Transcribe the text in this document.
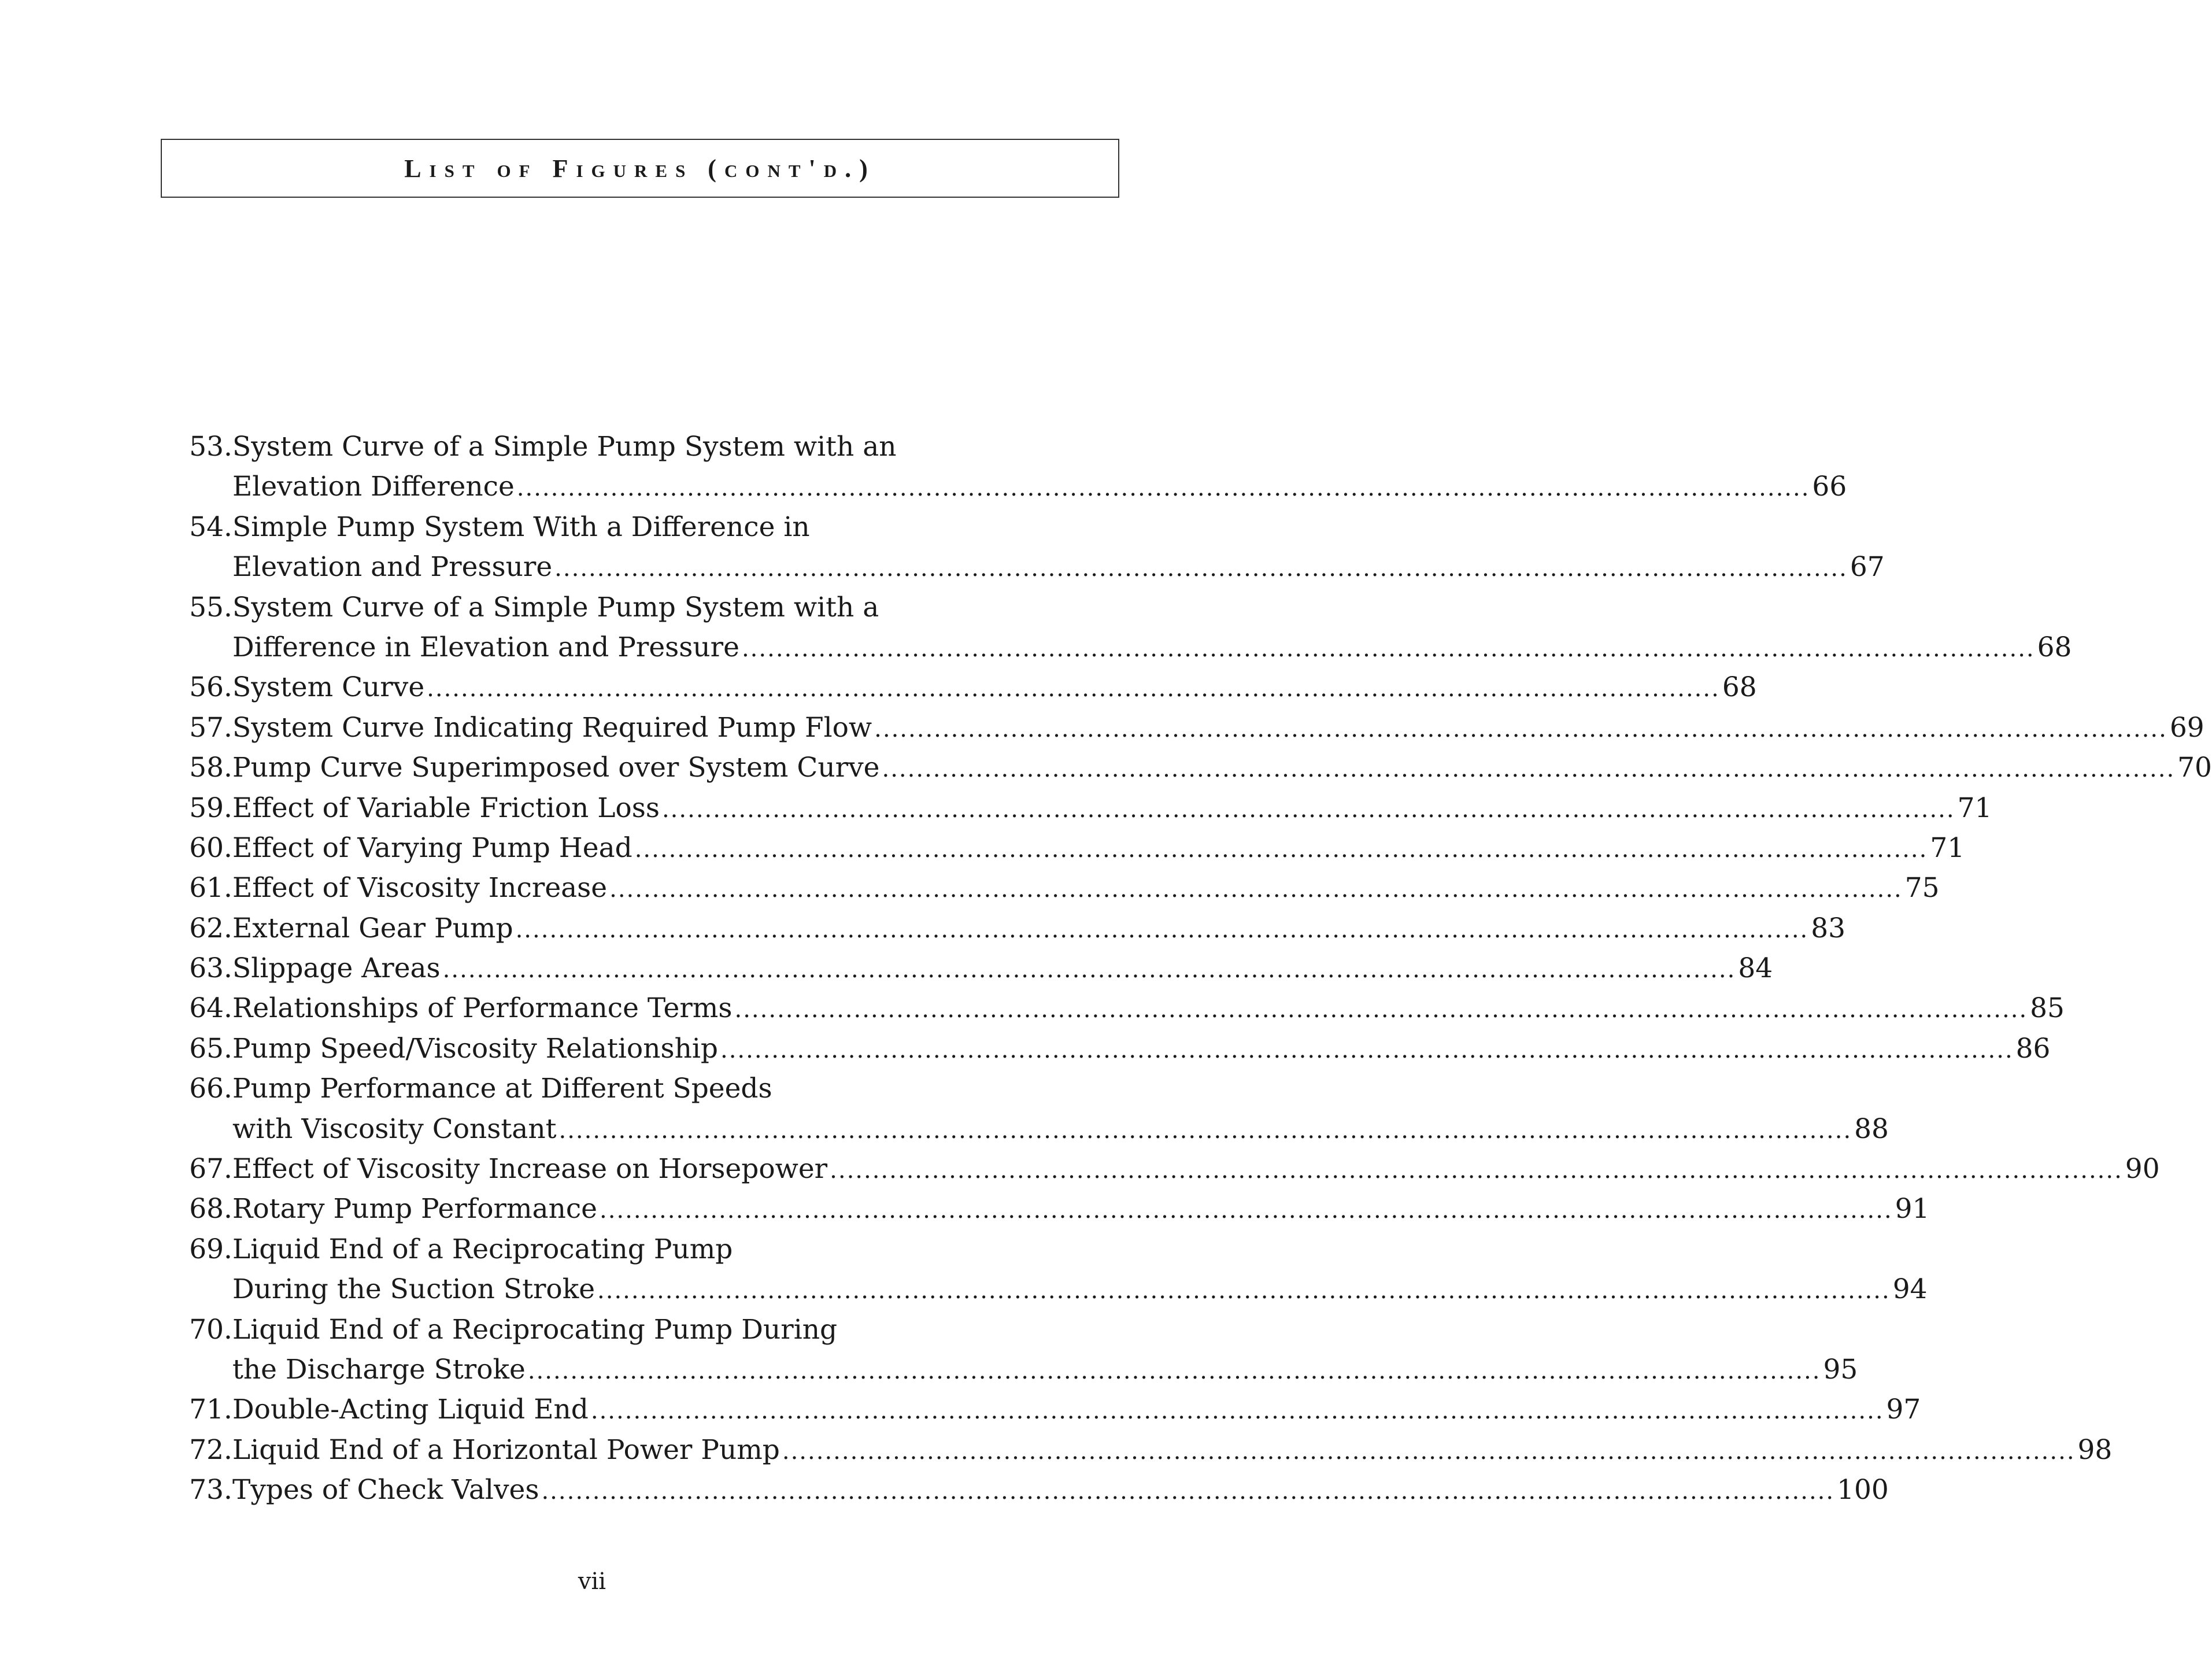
List of Figures (cont'd.)
53. System Curve of a Simple Pump System with an
Elevation Difference ........................................................................................................................................................ 66
54. Simple Pump System With a Difference in
Elevation and Pressure ........................................................................................................................................................ 67
55. System Curve of a Simple Pump System with a
Difference in Elevation and Pressure ........................................................................................................................................................ 68
56. System Curve ........................................................................................................................................................ 68
57. System Curve Indicating Required Pump Flow ........................................................................................................................................................ 69
58. Pump Curve Superimposed over System Curve ........................................................................................................................................................ 70
59. Effect of Variable Friction Loss ........................................................................................................................................................ 71
60. Effect of Varying Pump Head ........................................................................................................................................................ 71
61. Effect of Viscosity Increase ........................................................................................................................................................ 75
62. External Gear Pump ........................................................................................................................................................ 83
63. Slippage Areas ........................................................................................................................................................ 84
64. Relationships of Performance Terms ........................................................................................................................................................ 85
65. Pump Speed/Viscosity Relationship ........................................................................................................................................................ 86
66. Pump Performance at Different Speeds
with Viscosity Constant ........................................................................................................................................................ 88
67. Effect of Viscosity Increase on Horsepower ........................................................................................................................................................ 90
68. Rotary Pump Performance ........................................................................................................................................................ 91
69. Liquid End of a Reciprocating Pump
During the Suction Stroke ........................................................................................................................................................ 94
70. Liquid End of a Reciprocating Pump During
the Discharge Stroke ........................................................................................................................................................ 95
71. Double-Acting Liquid End ........................................................................................................................................................ 97
72. Liquid End of a Horizontal Power Pump ........................................................................................................................................................ 98
73. Types of Check Valves ........................................................................................................................................................ 100
vii
